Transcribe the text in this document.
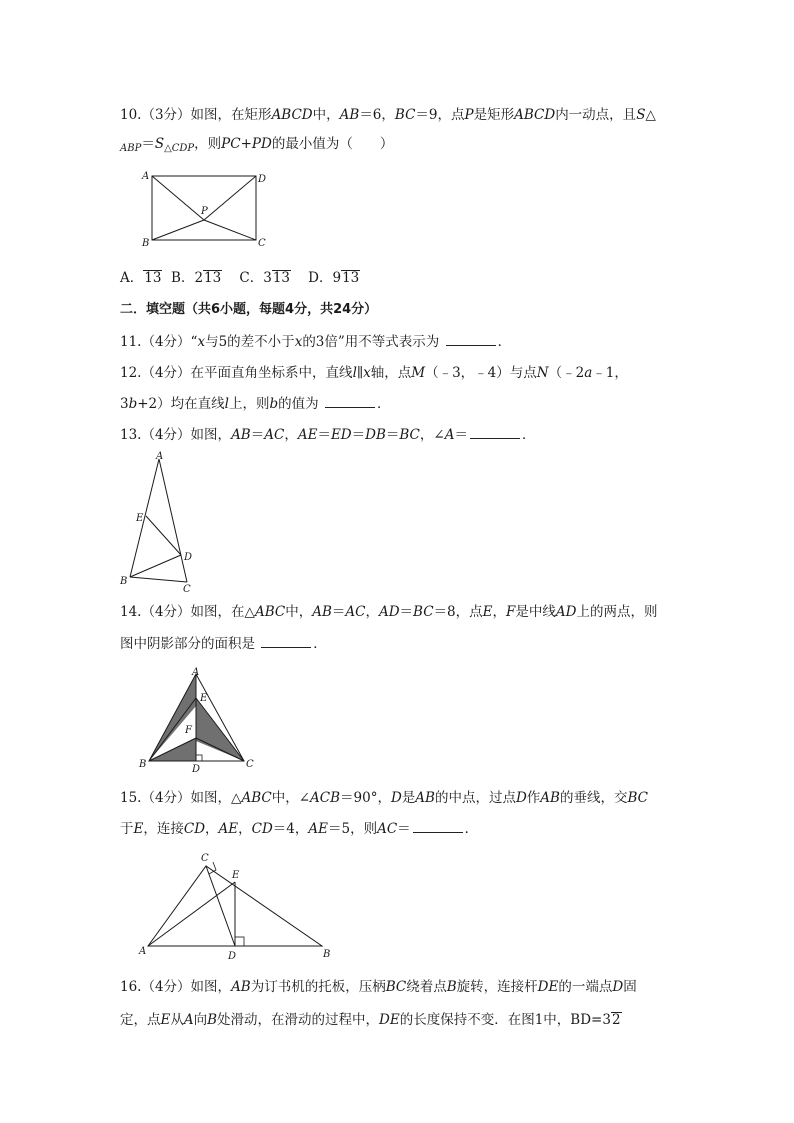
10.（3分）如图，在矩形ABCD中，AB＝6，BC＝9，点P是矩形ABCD内一动点，且S△
$_{ABP}=S_{\triangle CDP}$，则PC+PD的最小值为（　　）
A	D
P
B	C
A．13  B．213    C．313    D．913
二．填空题（共6小题，每题4分，共24分）
11.（4分）“x与5的差不小于x的3倍”用不等式表示为	．
12.（4分）在平面直角坐标系中，直线l∥x轴，点M（﹣3，﹣4）与点N（﹣2a﹣1，
3b+2）均在直线l上，则b的值为	．
13.（4分）如图，AB＝AC，AE＝ED＝DB＝BC，∠A＝	．
A
E
D
B
C
14.（4分）如图，在△ABC中，AB＝AC，AD＝BC＝8，点E，F是中线AD上的两点，则
图中阴影部分的面积是	．
A
E
F
B	D	C
15.（4分）如图，△ABC中，∠ACB＝90°，D是AB的中点，过点D作AB的垂线，交BC
于E，连接CD，AE，CD＝4，AE＝5，则AC＝	．
C
E
A	D	B
16.（4分）如图，AB为订书机的托板，压柄BC绕着点B旋转，连接杆DE的一端点D固
定，点E从A向B处滑动，在滑动的过程中，DE的长度保持不变．在图1中，BD=32
